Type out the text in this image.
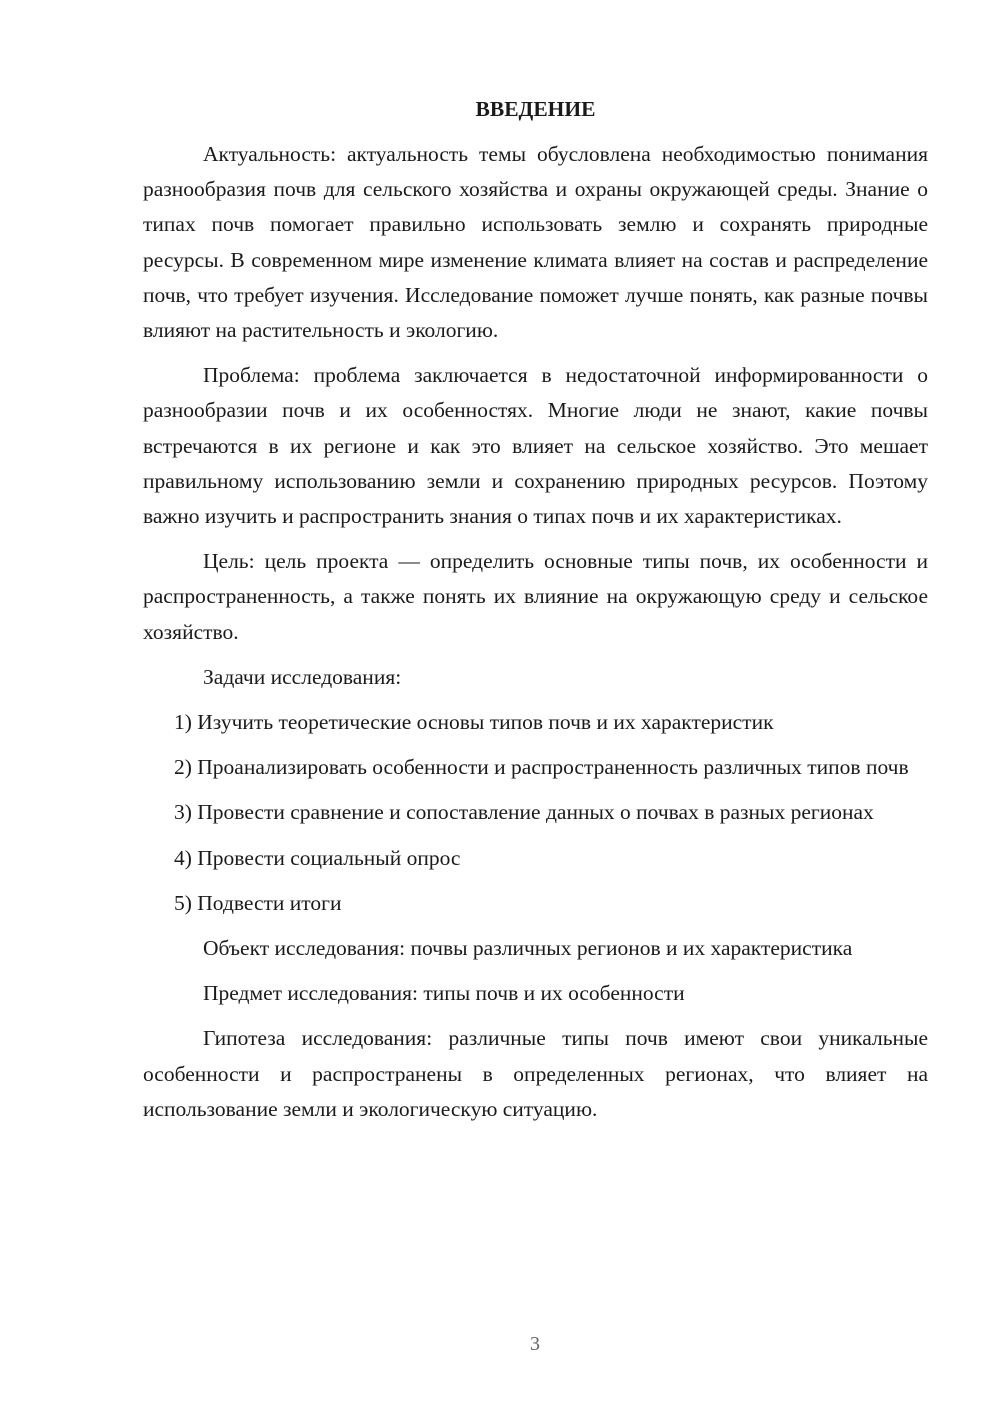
ВВЕДЕНИЕ

Актуальность: актуальность темы обусловлена необходимостью понимания разнообразия почв для сельского хозяйства и охраны окружающей среды. Знание о типах почв помогает правильно использовать землю и сохранять природные ресурсы. В современном мире изменение климата влияет на состав и распределение почв, что требует изучения. Исследование поможет лучше понять, как разные почвы влияют на растительность и экологию.

Проблема: проблема заключается в недостаточной информированности о разнообразии почв и их особенностях. Многие люди не знают, какие почвы встречаются в их регионе и как это влияет на сельское хозяйство. Это мешает правильному использованию земли и сохранению природных ресурсов. Поэтому важно изучить и распространить знания о типах почв и их характеристиках.

Цель: цель проекта — определить основные типы почв, их особенности и распространенность, а также понять их влияние на окружающую среду и сельское хозяйство.

Задачи исследования:

1) Изучить теоретические основы типов почв и их характеристик

2) Проанализировать особенности и распространенность различных типов почв

3) Провести сравнение и сопоставление данных о почвах в разных регионах

4) Провести социальный опрос

5) Подвести итоги

Объект исследования: почвы различных регионов и их характеристика

Предмет исследования: типы почв и их особенности

Гипотеза исследования: различные типы почв имеют свои уникальные особенности и распространены в определенных регионах, что влияет на использование земли и экологическую ситуацию.

3
